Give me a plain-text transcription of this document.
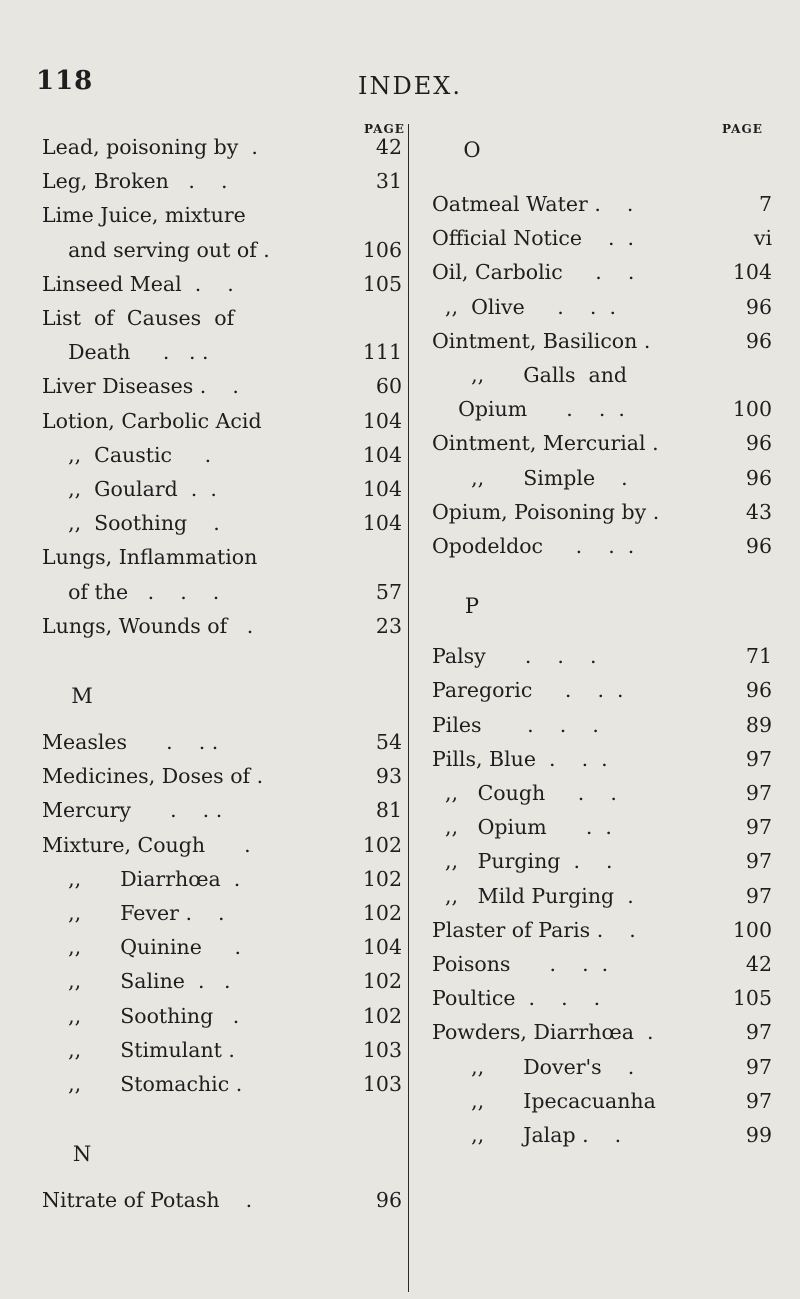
118	INDEX.
PAGE
Lead, poisoning by  .	42
Leg, Broken   .    .	31
Lime Juice, mixture
and serving out of .	106
Linseed Meal  .    .	105
List  of  Causes  of
Death     .   . .	111
Liver Diseases .    .	60
Lotion, Carbolic Acid	104
,,  Caustic     .	104
,,  Goulard  .  .	104
,,  Soothing    .	104
Lungs, Inflammation
of the   .    .    .	57
Lungs, Wounds of   .	23
M
Measles      .    . .	54
Medicines, Doses of .	93
Mercury      .    . .	81
Mixture, Cough      .	102
,,      Diarrhœa  .	102
,,      Fever .    .	102
,,      Quinine     .	104
,,      Saline  .   .	102
,,      Soothing   .	102
,,      Stimulant .	103
,,      Stomachic .	103
N
Nitrate of Potash    .	96
PAGE
O
Oatmeal Water .    .	7
Official Notice    .  .	vi
Oil, Carbolic     .    .	104
,,  Olive     .    .  .	96
Ointment, Basilicon .	96
,,      Galls  and
Opium      .    .  .	100
Ointment, Mercurial .	96
,,      Simple    .	96
Opium, Poisoning by .	43
Opodeldoc     .    .  .	96
P
Palsy      .    .    .	71
Paregoric     .    .  .	96
Piles       .    .    .	89
Pills, Blue  .    .  .	97
,,   Cough     .    .	97
,,   Opium      .  .	97
,,   Purging  .    .	97
,,   Mild Purging  .	97
Plaster of Paris .    .	100
Poisons      .    .  .	42
Poultice  .    .    .	105
Powders, Diarrhœa  .	97
,,      Dover's    .	97
,,      Ipecacuanha	97
,,      Jalap .    .	99
